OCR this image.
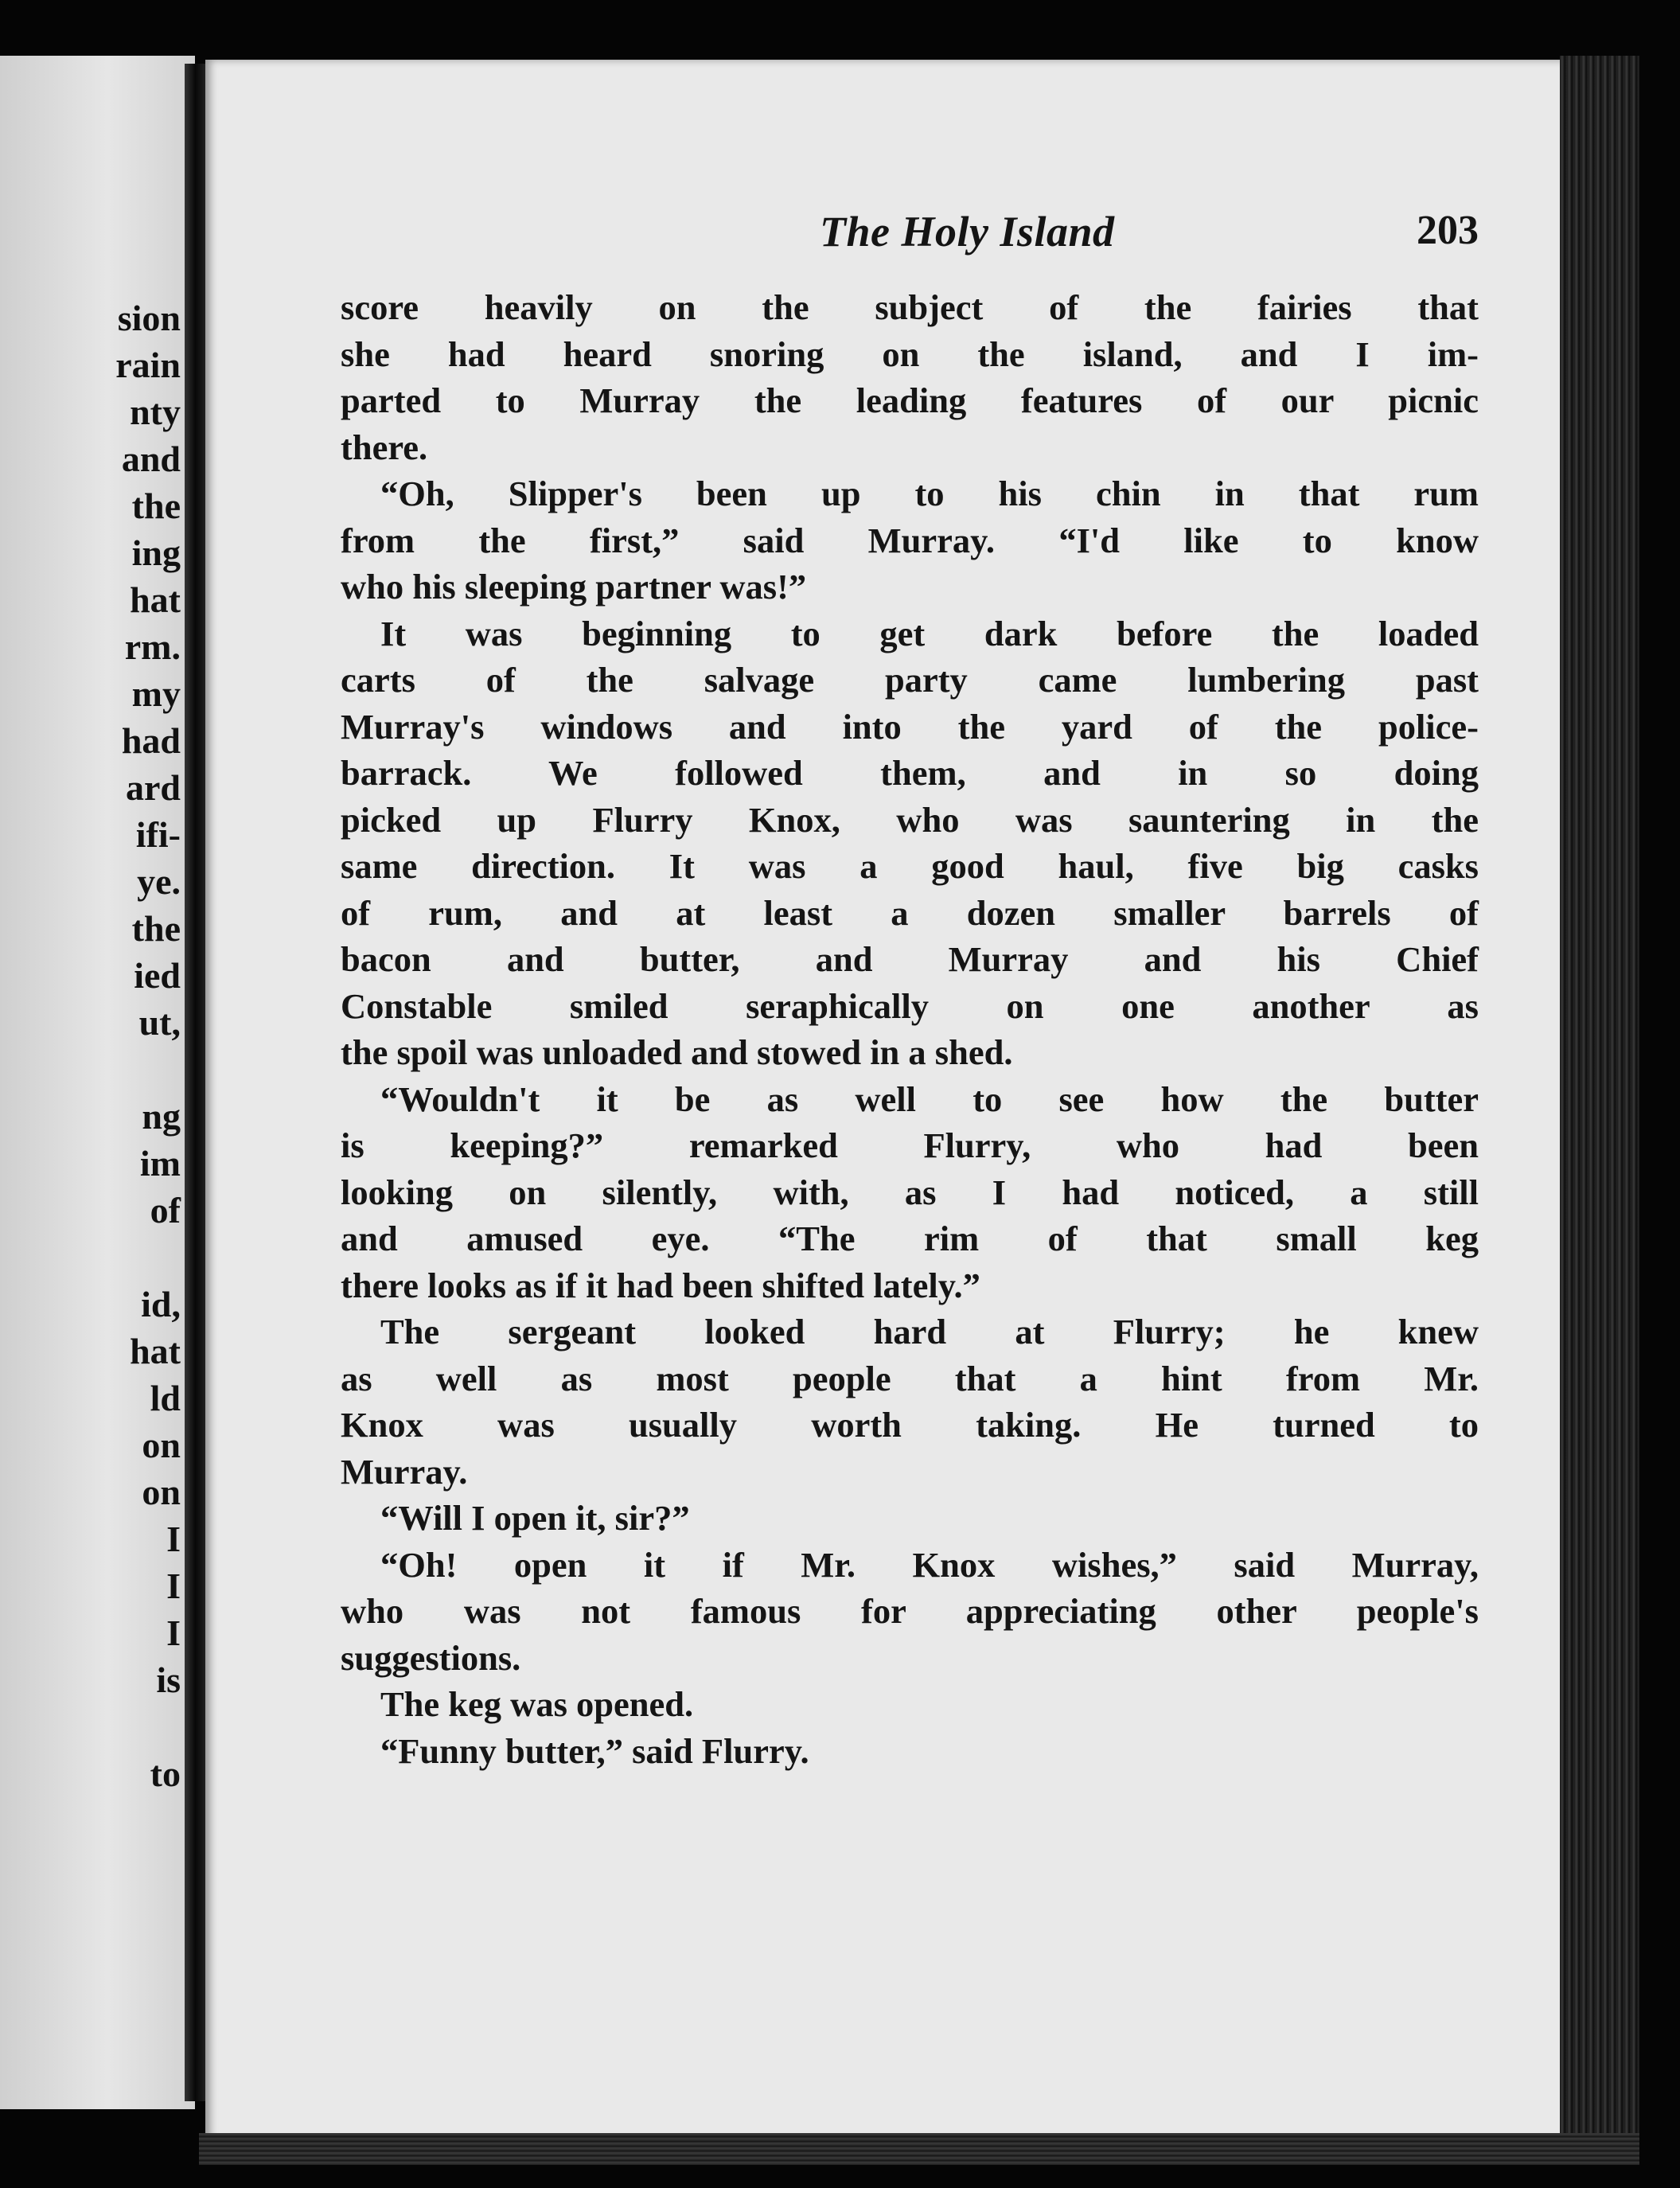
sion
rain
nty
and
the
ing
hat
rm.
my
had
ard
ifi-
ye.
the
ied
ut,
ng
im
of
id,
hat
ld
on
on
I
I
I
is
to
The Holy Island	203
score heavily on the subject of the fairies that
she had heard snoring on the island, and I im-
parted to Murray the leading features of our picnic
there.
“Oh, Slipper's been up to his chin in that rum
from the first,” said Murray. “I'd like to know
who his sleeping partner was!”
It was beginning to get dark before the loaded
carts of the salvage party came lumbering past
Murray's windows and into the yard of the police-
barrack. We followed them, and in so doing
picked up Flurry Knox, who was sauntering in the
same direction. It was a good haul, five big casks
of rum, and at least a dozen smaller barrels of
bacon and butter, and Murray and his Chief
Constable smiled seraphically on one another as
the spoil was unloaded and stowed in a shed.
“Wouldn't it be as well to see how the butter
is keeping?” remarked Flurry, who had been
looking on silently, with, as I had noticed, a still
and amused eye. “The rim of that small keg
there looks as if it had been shifted lately.”
The sergeant looked hard at Flurry; he knew
as well as most people that a hint from Mr.
Knox was usually worth taking. He turned to
Murray.
“Will I open it, sir?”
“Oh! open it if Mr. Knox wishes,” said Murray,
who was not famous for appreciating other people's
suggestions.
The keg was opened.
“Funny butter,” said Flurry.
